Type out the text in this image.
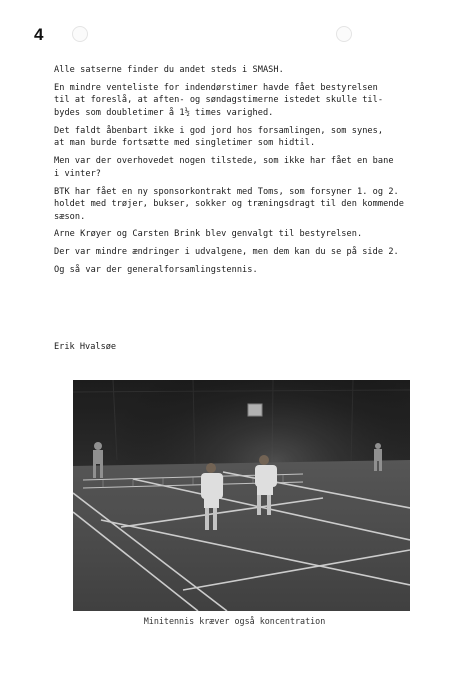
4

Alle satserne finder du andet steds i SMASH.

En mindre venteliste for indendørstimer havde fået bestyrelsen
til at foreslå, at aften- og søndagstimerne istedet skulle til-
bydes som doubletimer å 1½ times varighed.

Det faldt åbenbart ikke i god jord hos forsamlingen, som synes,
at man burde fortsætte med singletimer som hidtil.

Men var der overhovedet nogen tilstede, som ikke har fået en bane
i vinter?

BTK har fået en ny sponsorkontrakt med Toms, som forsyner 1. og 2.
holdet med trøjer, bukser, sokker og træningsdragt til den kommende
sæson.

Arne Krøyer og Carsten Brink blev genvalgt til bestyrelsen.

Der var mindre ændringer i udvalgene, men dem kan du se på side 2.

Og så var der generalforsamlingstennis.

Erik Hvalsøe
Minitennis kræver også koncentration
